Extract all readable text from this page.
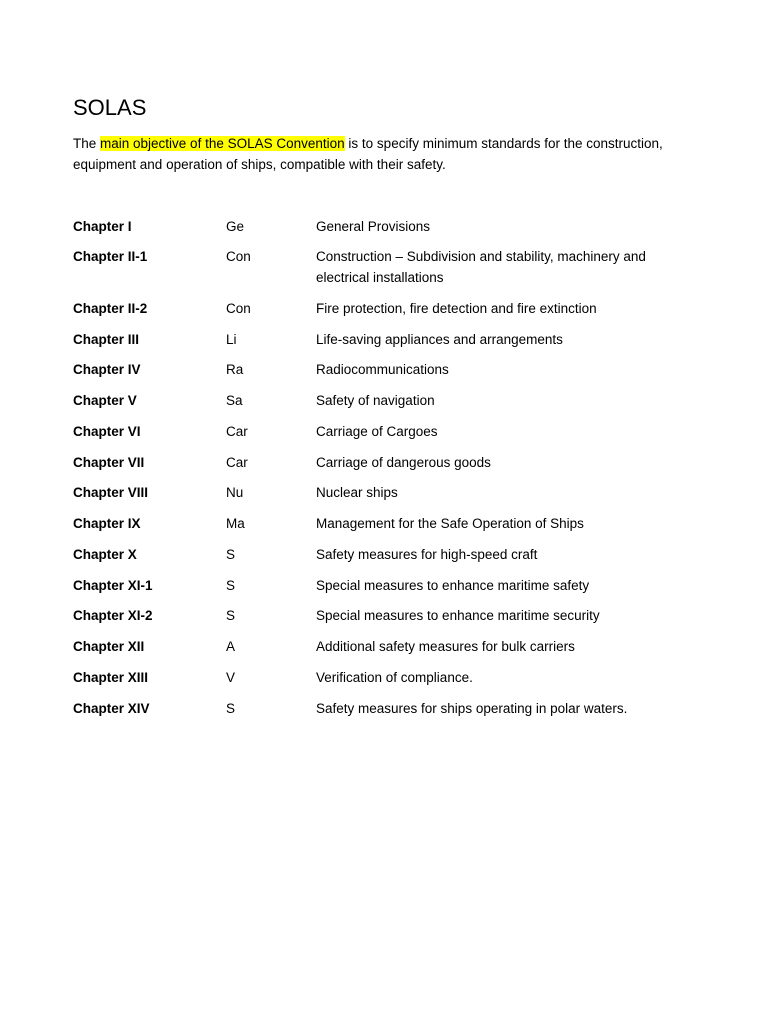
SOLAS

The main objective of the SOLAS Convention is to specify minimum standards for the construction, equipment and operation of ships, compatible with their safety.

Chapter I	Ge	General Provisions
Chapter II-1	Con	Construction – Subdivision and stability, machinery and electrical installations
Chapter II-2	Con	Fire protection, fire detection and fire extinction
Chapter III	Li	Life-saving appliances and arrangements
Chapter IV	Ra	Radiocommunications
Chapter V	Sa	Safety of navigation
Chapter VI	Car	Carriage of Cargoes
Chapter VII	Car	Carriage of dangerous goods
Chapter VIII	Nu	Nuclear ships
Chapter IX	Ma	Management for the Safe Operation of Ships
Chapter X	S	Safety measures for high-speed craft
Chapter XI-1	S	Special measures to enhance maritime safety
Chapter XI-2	S	Special measures to enhance maritime security
Chapter XII	A	Additional safety measures for bulk carriers
Chapter XIII	V	Verification of compliance.
Chapter XIV	S	Safety measures for ships operating in polar waters.
